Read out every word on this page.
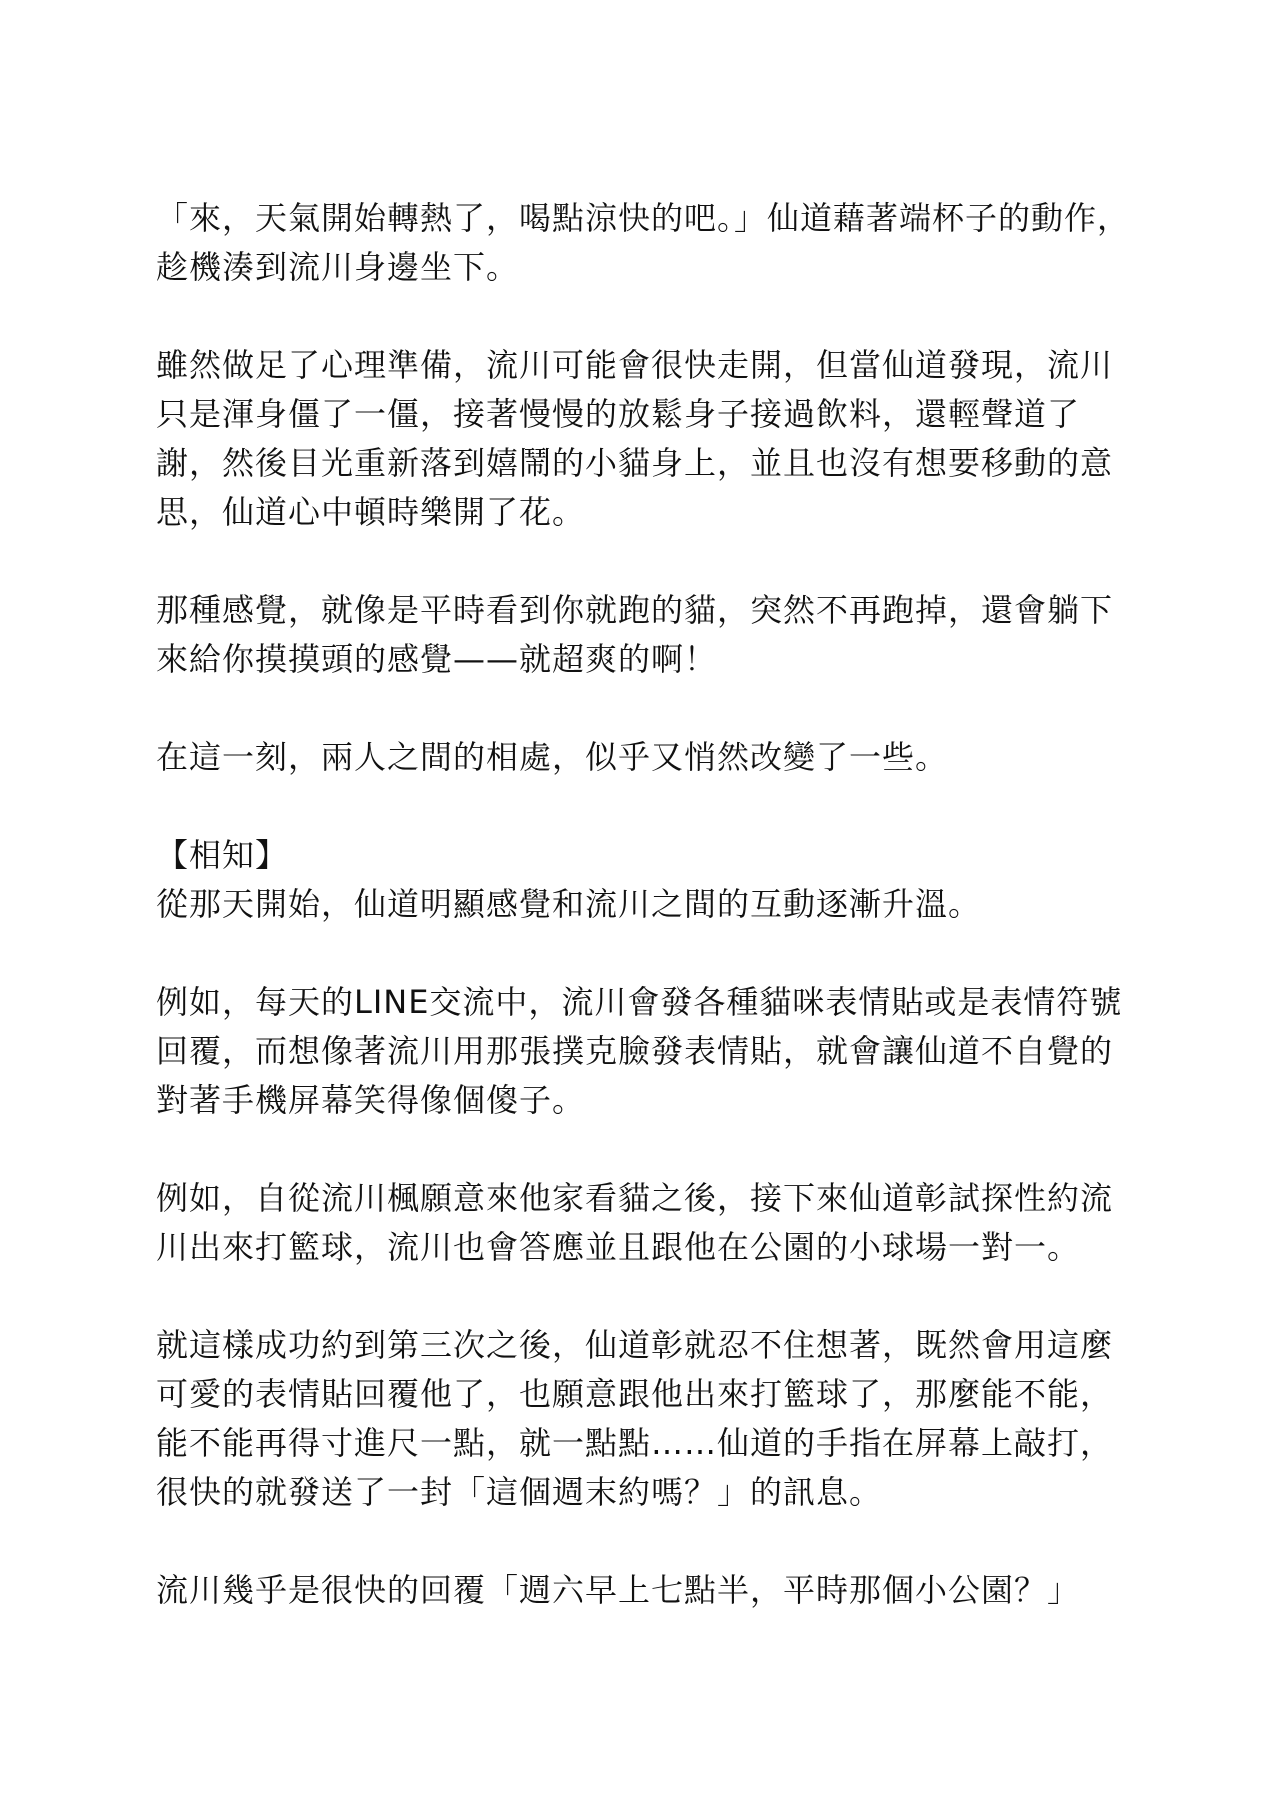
「來，天氣開始轉熱了，喝點涼快的吧。」仙道藉著端杯子的動作，趁機湊到流川身邊坐下。

雖然做足了心理準備，流川可能會很快走開，但當仙道發現，流川只是渾身僵了一僵，接著慢慢的放鬆身子接過飲料，還輕聲道了謝，然後目光重新落到嬉鬧的小貓身上，並且也沒有想要移動的意思，仙道心中頓時樂開了花。

那種感覺，就像是平時看到你就跑的貓，突然不再跑掉，還會躺下來給你摸摸頭的感覺——就超爽的啊！

在這一刻，兩人之間的相處，似乎又悄然改變了一些。

【相知】

從那天開始，仙道明顯感覺和流川之間的互動逐漸升溫。

例如，每天的LINE交流中，流川會發各種貓咪表情貼或是表情符號回覆，而想像著流川用那張撲克臉發表情貼，就會讓仙道不自覺的對著手機屏幕笑得像個傻子。

例如，自從流川楓願意來他家看貓之後，接下來仙道彰試探性約流川出來打籃球，流川也會答應並且跟他在公園的小球場一對一。

就這樣成功約到第三次之後，仙道彰就忍不住想著，既然會用這麼可愛的表情貼回覆他了，也願意跟他出來打籃球了，那麼能不能，能不能再得寸進尺一點，就一點點……仙道的手指在屏幕上敲打，很快的就發送了一封「這個週末約嗎？」的訊息。

流川幾乎是很快的回覆「週六早上七點半，平時那個小公園？」
